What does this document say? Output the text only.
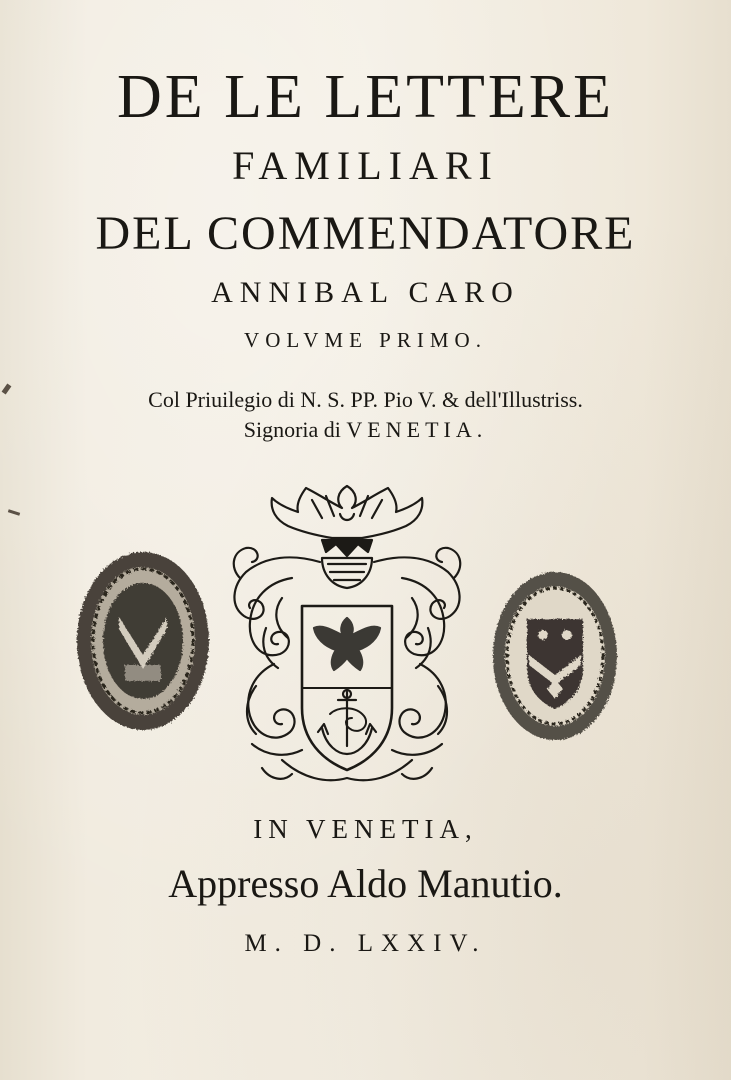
DE LE LETTERE
FAMILIARI
DEL COMMENDATORE
ANNIBAL CARO
VOLVME PRIMO.
Col Priuilegio di N. S. PP. Pio V. & dell'Illustriss.
Signoria di VENETIA.
IN VENETIA,
Appresso Aldo Manutio.
M. D. LXXIV.
